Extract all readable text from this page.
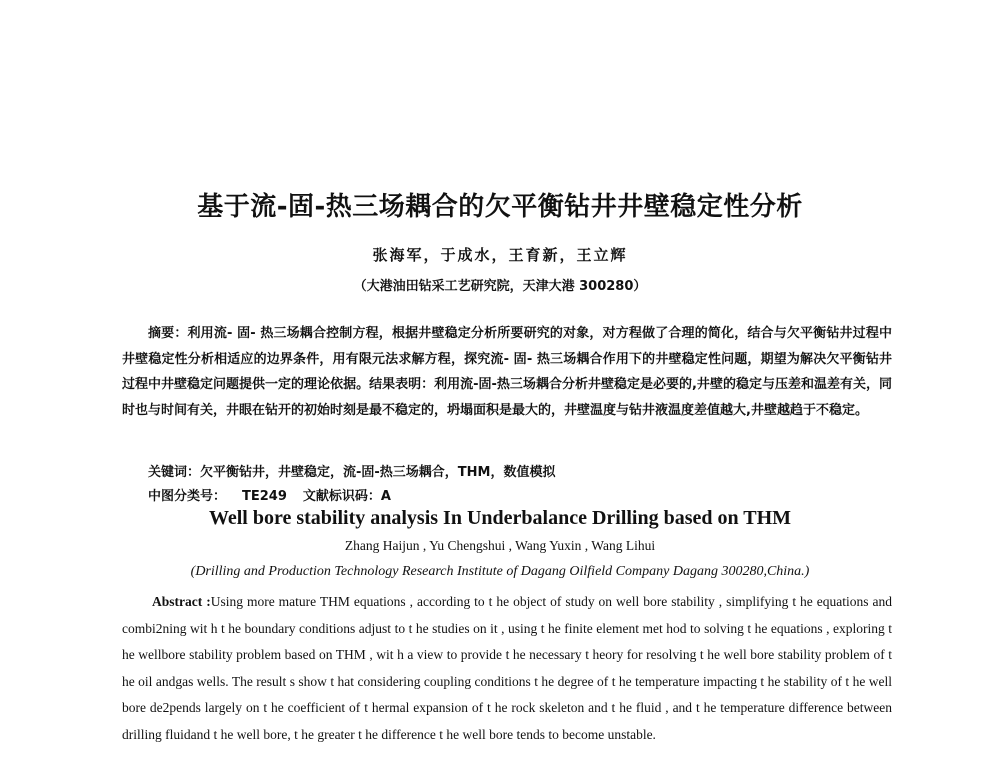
基于流-固-热三场耦合的欠平衡钻井井壁稳定性分析
张海军，于成水，王育新，王立辉
（大港油田钻采工艺研究院，天津大港 300280）
摘要：利用流- 固- 热三场耦合控制方程，根据井壁稳定分析所要研究的对象，对方程做了合理的简化，结合与欠平衡钻井过程中井壁稳定性分析相适应的边界条件，用有限元法求解方程，探究流- 固- 热三场耦合作用下的井壁稳定性问题，期望为解决欠平衡钻井过程中井壁稳定问题提供一定的理论依据。结果表明：利用流-固-热三场耦合分析井壁稳定是必要的,井壁的稳定与压差和温差有关，同时也与时间有关，井眼在钻开的初始时刻是最不稳定的，坍塌面积是最大的，井壁温度与钻井液温度差值越大,井壁越趋于不稳定。
关键词：欠平衡钻井，井壁稳定，流-固-热三场耦合，THM，数值模拟
中图分类号： TE249 文献标识码：A
Well bore stability analysis In Underbalance Drilling based on THM
Zhang Haijun , Yu Chengshui , Wang Yuxin , Wang Lihui
(Drilling and Production Technology Research Institute of Dagang Oilfield Company Dagang 300280,China.)
Abstract :Using more mature THM equations , according to t he object of study on well bore stability , simplifying t he equations and combi2ning wit h t he boundary conditions adjust to t he studies on it , using t he finite element met hod to solving t he equations , exploring t he wellbore stability problem based on THM , wit h a view to provide t he necessary t heory for resolving t he well bore stability problem of t he oil andgas wells. The result s show t hat considering coupling conditions t he degree of t he temperature impacting t he stability of t he well bore de2pends largely on t he coefficient of t hermal expansion of t he rock skeleton and t he fluid , and t he temperature difference between drilling fluidand t he well bore, t he greater t he difference t he well bore tends to become unstable.
